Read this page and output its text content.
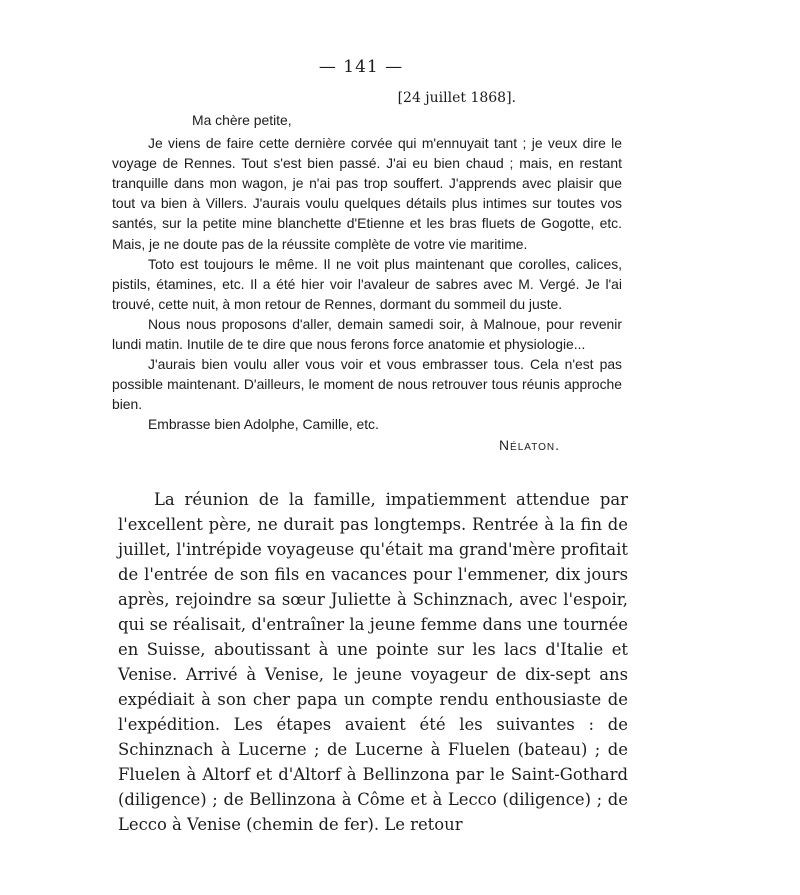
— 141 —
[24 juillet 1868].

Ma chère petite,

Je viens de faire cette dernière corvée qui m'ennuyait tant ; je veux dire le voyage de Rennes. Tout s'est bien passé. J'ai eu bien chaud ; mais, en restant tranquille dans mon wagon, je n'ai pas trop souffert. J'apprends avec plaisir que tout va bien à Villers. J'aurais voulu quelques détails plus intimes sur toutes vos santés, sur la petite mine blanchette d'Etienne et les bras fluets de Gogotte, etc. Mais, je ne doute pas de la réussite complète de votre vie maritime.

Toto est toujours le même. Il ne voit plus maintenant que corolles, calices, pistils, étamines, etc. Il a été hier voir l'avaleur de sabres avec M. Vergé. Je l'ai trouvé, cette nuit, à mon retour de Rennes, dormant du sommeil du juste.

Nous nous proposons d'aller, demain samedi soir, à Malnoue, pour revenir lundi matin. Inutile de te dire que nous ferons force anatomie et physiologie...

J'aurais bien voulu aller vous voir et vous embrasser tous. Cela n'est pas possible maintenant. D'ailleurs, le moment de nous retrouver tous réunis approche bien.

Embrasse bien Adolphe, Camille, etc.

Nélaton.

La réunion de la famille, impatiemment attendue par l'excellent père, ne durait pas longtemps. Rentrée à la fin de juillet, l'intrépide voyageuse qu'était ma grand'mère profitait de l'entrée de son fils en vacances pour l'emmener, dix jours après, rejoindre sa sœur Juliette à Schinznach, avec l'espoir, qui se réalisait, d'entraîner la jeune femme dans une tournée en Suisse, aboutissant à une pointe sur les lacs d'Italie et Venise. Arrivé à Venise, le jeune voyageur de dix-sept ans expédiait à son cher papa un compte rendu enthousiaste de l'expédition. Les étapes avaient été les suivantes : de Schinznach à Lucerne ; de Lucerne à Fluelen (bateau) ; de Fluelen à Altorf et d'Altorf à Bellinzona par le Saint-Gothard (diligence) ; de Bellinzona à Côme et à Lecco (diligence) ; de Lecco à Venise (chemin de fer). Le retour
